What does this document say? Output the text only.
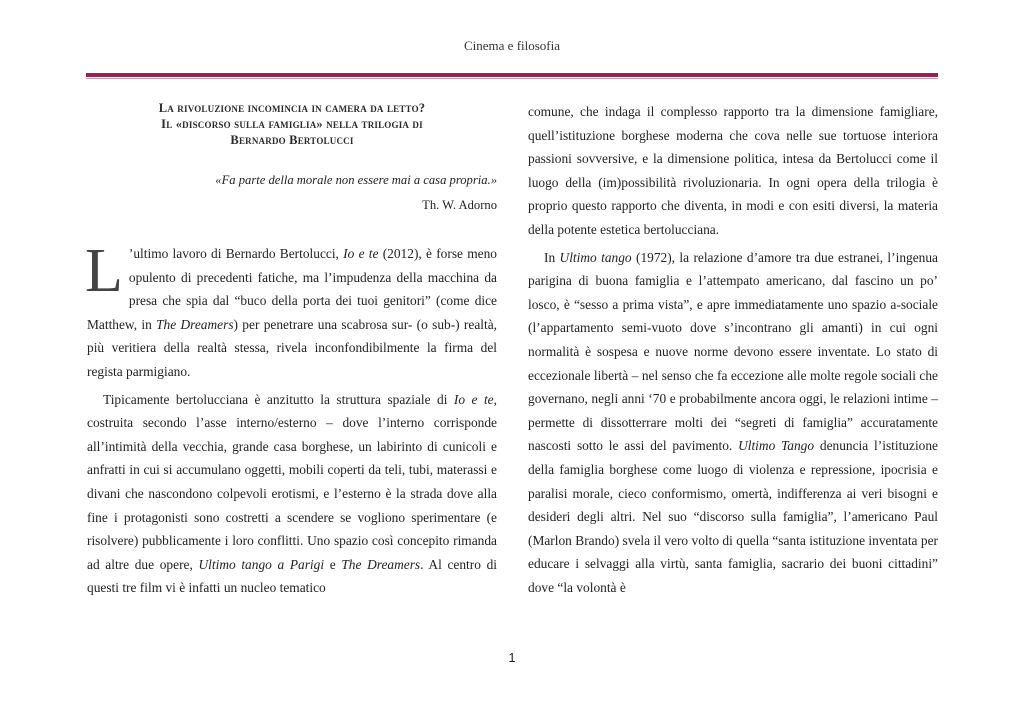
Cinema e filosofia
La rivoluzione incomincia in camera da letto?
Il «discorso sulla famiglia» nella trilogia di
Bernardo Bertolucci
«Fa parte della morale non essere mai a casa propria.»
Th. W. Adorno

L ’ultimo lavoro di Bernardo Bertolucci, Io e te (2012), è forse meno opulento di precedenti fatiche, ma l’impudenza della macchina da presa che spia dal “buco della porta dei tuoi genitori” (come dice Matthew, in The Dreamers) per penetrare una scabrosa sur- (o sub-) realtà, più veritiera della realtà stessa, rivela inconfondibilmente la firma del regista parmigiano.

Tipicamente bertolucciana è anzitutto la struttura spaziale di Io e te, costruita secondo l’asse interno/esterno – dove l’interno corrisponde all’intimità della vecchia, grande casa borghese, un labirinto di cunicoli e anfratti in cui si accumulano oggetti, mobili coperti da teli, tubi, materassi e divani che nascondono colpevoli erotismi, e l’esterno è la strada dove alla fine i protagonisti sono costretti a scendere se vogliono sperimentare (e risolvere) pubblicamente i loro conflitti. Uno spazio così concepito rimanda ad altre due opere, Ultimo tango a Parigi e The Dreamers. Al centro di questi tre film vi è infatti un nucleo tematico

comune, che indaga il complesso rapporto tra la dimensione famigliare, quell’istituzione borghese moderna che cova nelle sue tortuose interiora passioni sovversive, e la dimensione politica, intesa da Bertolucci come il luogo della (im)possibilità rivoluzionaria. In ogni opera della trilogia è proprio questo rapporto che diventa, in modi e con esiti diversi, la materia della potente estetica bertolucciana.

In Ultimo tango (1972), la relazione d’amore tra due estranei, l’ingenua parigina di buona famiglia e l’attempato americano, dal fascino un po’ losco, è “sesso a prima vista”, e apre immediatamente uno spazio a-sociale (l’appartamento semi-vuoto dove s’incontrano gli amanti) in cui ogni normalità è sospesa e nuove norme devono essere inventate. Lo stato di eccezionale libertà – nel senso che fa eccezione alle molte regole sociali che governano, negli anni ‘70 e probabilmente ancora oggi, le relazioni intime – permette di dissotterrare molti dei “segreti di famiglia” accuratamente nascosti sotto le assi del pavimento. Ultimo Tango denuncia l’istituzione della famiglia borghese come luogo di violenza e repressione, ipocrisia e paralisi morale, cieco conformismo, omertà, indifferenza ai veri bisogni e desideri degli altri. Nel suo “discorso sulla famiglia”, l’americano Paul (Marlon Brando) svela il vero volto di quella “santa istituzione inventata per educare i selvaggi alla virtù, santa famiglia, sacrario dei buoni cittadini” dove “la volontà è

1
